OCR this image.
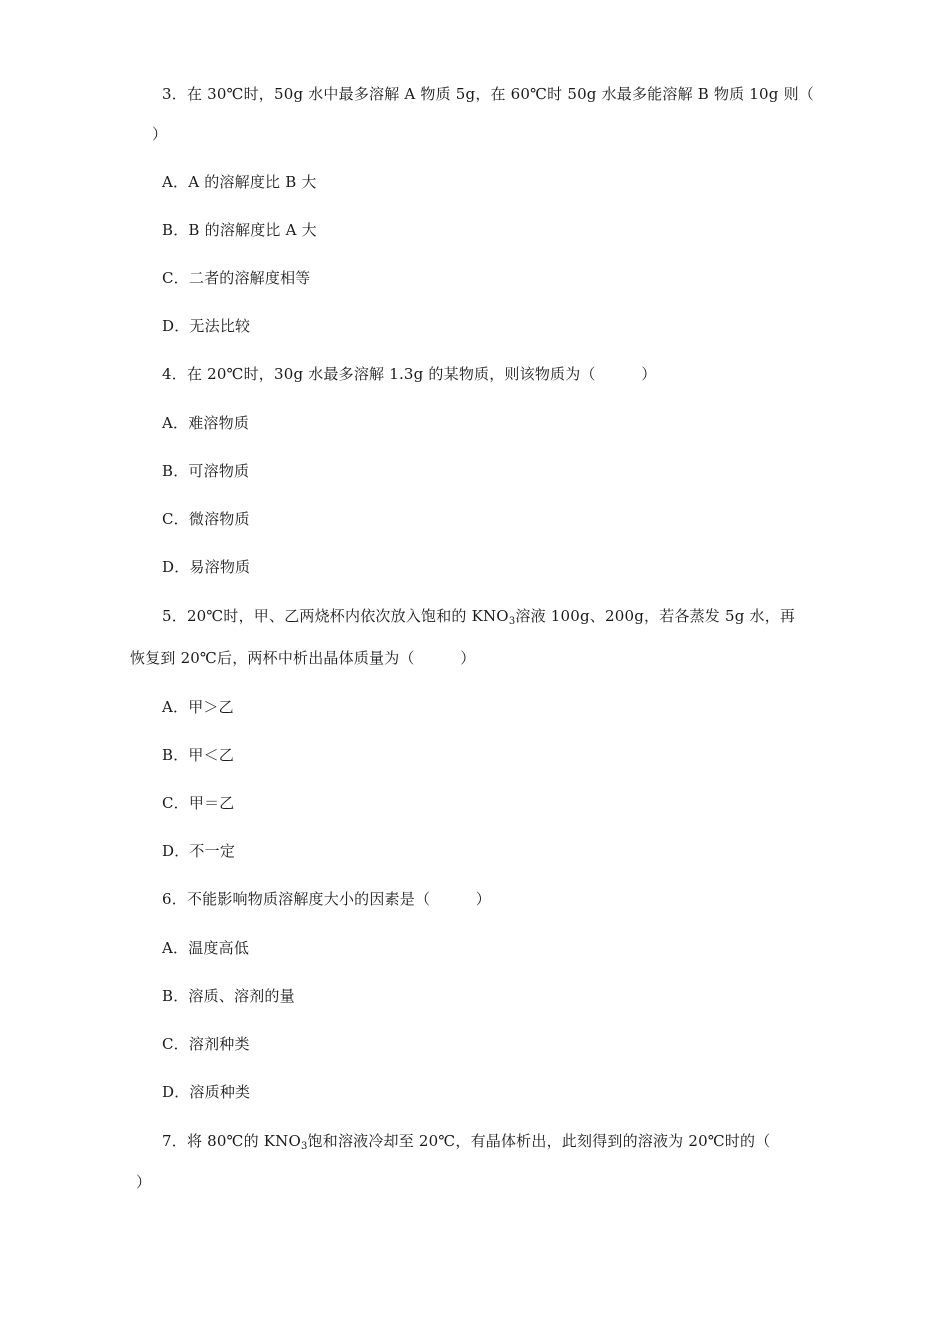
3．在 30℃时，50g 水中最多溶解 A 物质 5g，在 60℃时 50g 水最多能溶解 B 物质 10g 则（
）
A．A 的溶解度比 B 大
B．B 的溶解度比 A 大
C．二者的溶解度相等
D．无法比较
4．在 20℃时，30g 水最多溶解 1.3g 的某物质，则该物质为（　　　）
A．难溶物质
B．可溶物质
C．微溶物质
D．易溶物质
5．20℃时，甲、乙两烧杯内依次放入饱和的 $KNO_3$溶液 100g、200g，若各蒸发 5g 水，再
恢复到 20℃后，两杯中析出晶体质量为（　　　）
A．甲＞乙
B．甲＜乙
C．甲＝乙
D．不一定
6．不能影响物质溶解度大小的因素是（　　　）
A．温度高低
B．溶质、溶剂的量
C．溶剂种类
D．溶质种类
7．将 80℃的 $KNO_3$饱和溶液冷却至 20℃，有晶体析出，此刻得到的溶液为 20℃时的（
）
